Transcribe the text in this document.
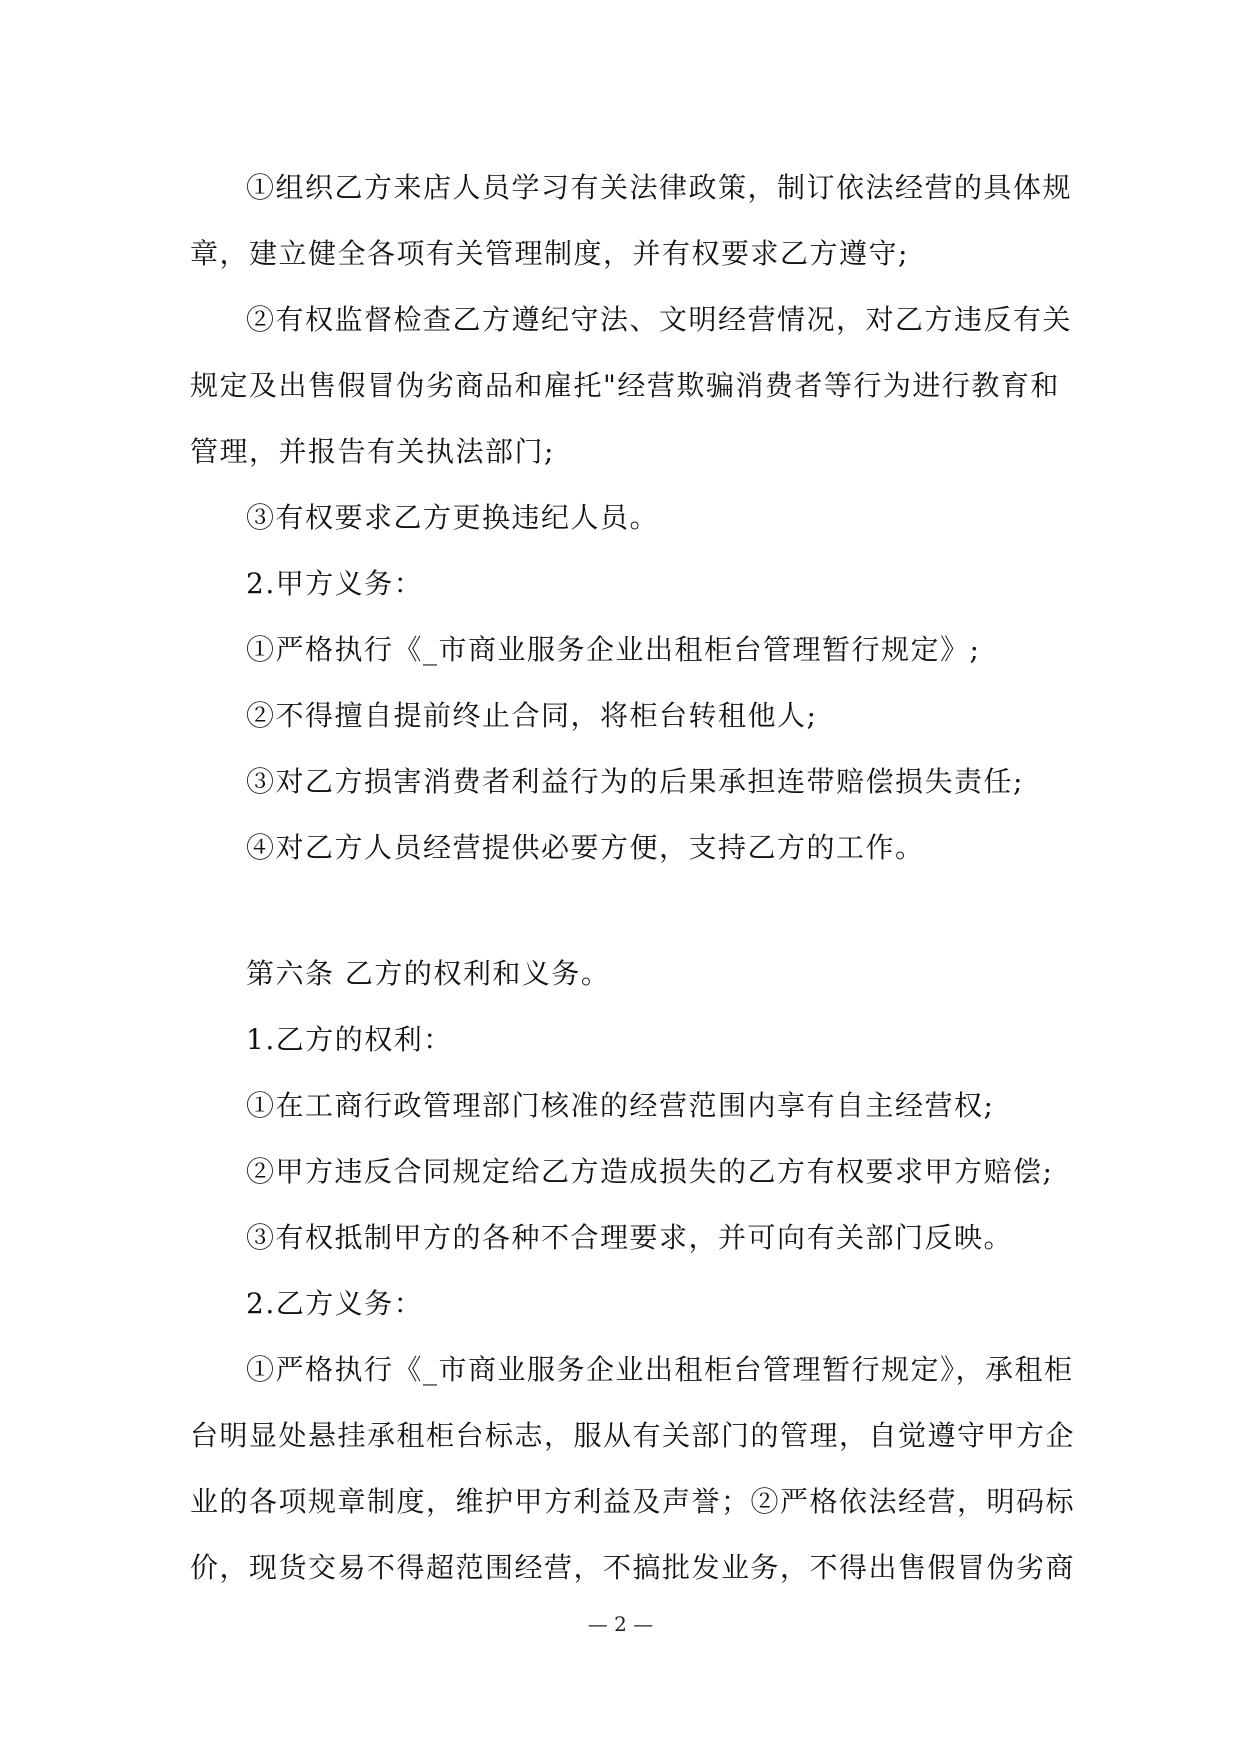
①组织乙方来店人员学习有关法律政策，制订依法经营的具体规
章，建立健全各项有关管理制度，并有权要求乙方遵守;
②有权监督检查乙方遵纪守法、文明经营情况，对乙方违反有关
规定及出售假冒伪劣商品和雇托"经营欺骗消费者等行为进行教育和
管理，并报告有关执法部门;
③有权要求乙方更换违纪人员。
2.甲方义务：
①严格执行《_市商业服务企业出租柜台管理暂行规定》;
②不得擅自提前终止合同，将柜台转租他人;
③对乙方损害消费者利益行为的后果承担连带赔偿损失责任;
④对乙方人员经营提供必要方便，支持乙方的工作。
第六条 乙方的权利和义务。
1.乙方的权利：
①在工商行政管理部门核准的经营范围内享有自主经营权;
②甲方违反合同规定给乙方造成损失的乙方有权要求甲方赔偿;
③有权抵制甲方的各种不合理要求，并可向有关部门反映。
2.乙方义务：
①严格执行《_市商业服务企业出租柜台管理暂行规定》，承租柜
台明显处悬挂承租柜台标志，服从有关部门的管理，自觉遵守甲方企
业的各项规章制度，维护甲方利益及声誉；②严格依法经营，明码标
价，现货交易不得超范围经营，不搞批发业务，不得出售假冒伪劣商
— 2 —
